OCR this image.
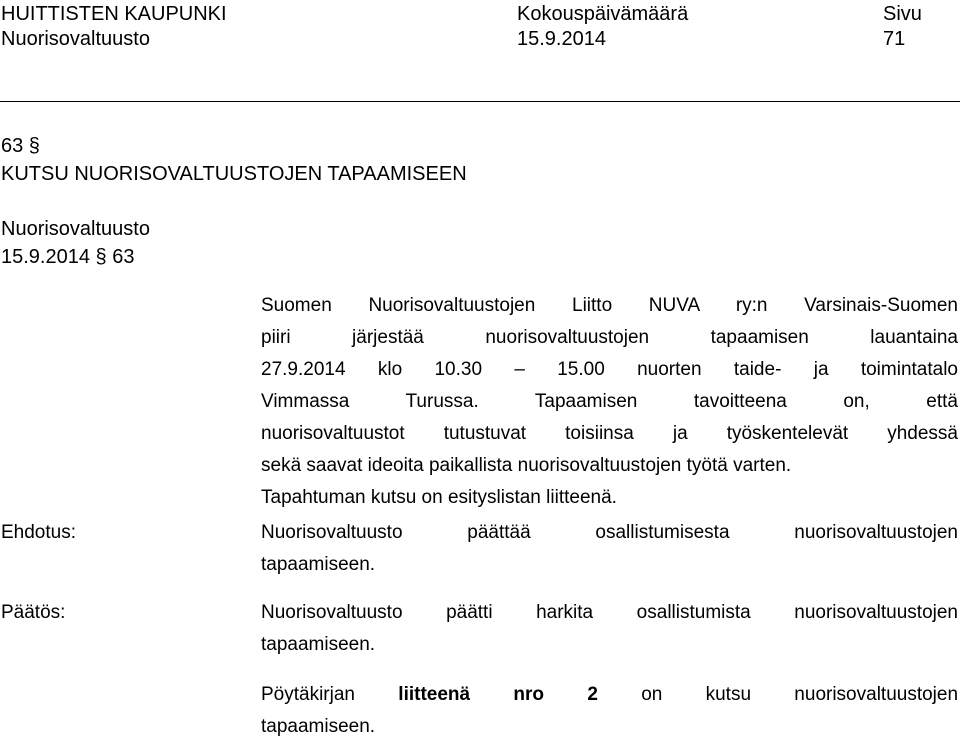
HUITTISTEN KAUPUNKI
Nuorisovaltuusto
Kokouspäivämäärä
15.9.2014
Sivu
71
63 §
KUTSU NUORISOVALTUUSTOJEN TAPAAMISEEN
Nuorisovaltuusto
15.9.2014 § 63
Suomen Nuorisovaltuustojen Liitto NUVA ry:n Varsinais-Suomen
piiri järjestää nuorisovaltuustojen tapaamisen lauantaina
27.9.2014 klo 10.30 – 15.00 nuorten taide- ja toimintatalo
Vimmassa Turussa. Tapaamisen tavoitteena on, että
nuorisovaltuustot tutustuvat toisiinsa ja työskentelevät yhdessä
sekä saavat ideoita paikallista nuorisovaltuustojen työtä varten.
Tapahtuman kutsu on esityslistan liitteenä.
Ehdotus:	Nuorisovaltuusto päättää osallistumisesta nuorisovaltuustojen
tapaamiseen.
Päätös:	Nuorisovaltuusto päätti harkita osallistumista nuorisovaltuustojen
tapaamiseen.
Pöytäkirjan liitteenä nro 2 on kutsu nuorisovaltuustojen
tapaamiseen.
